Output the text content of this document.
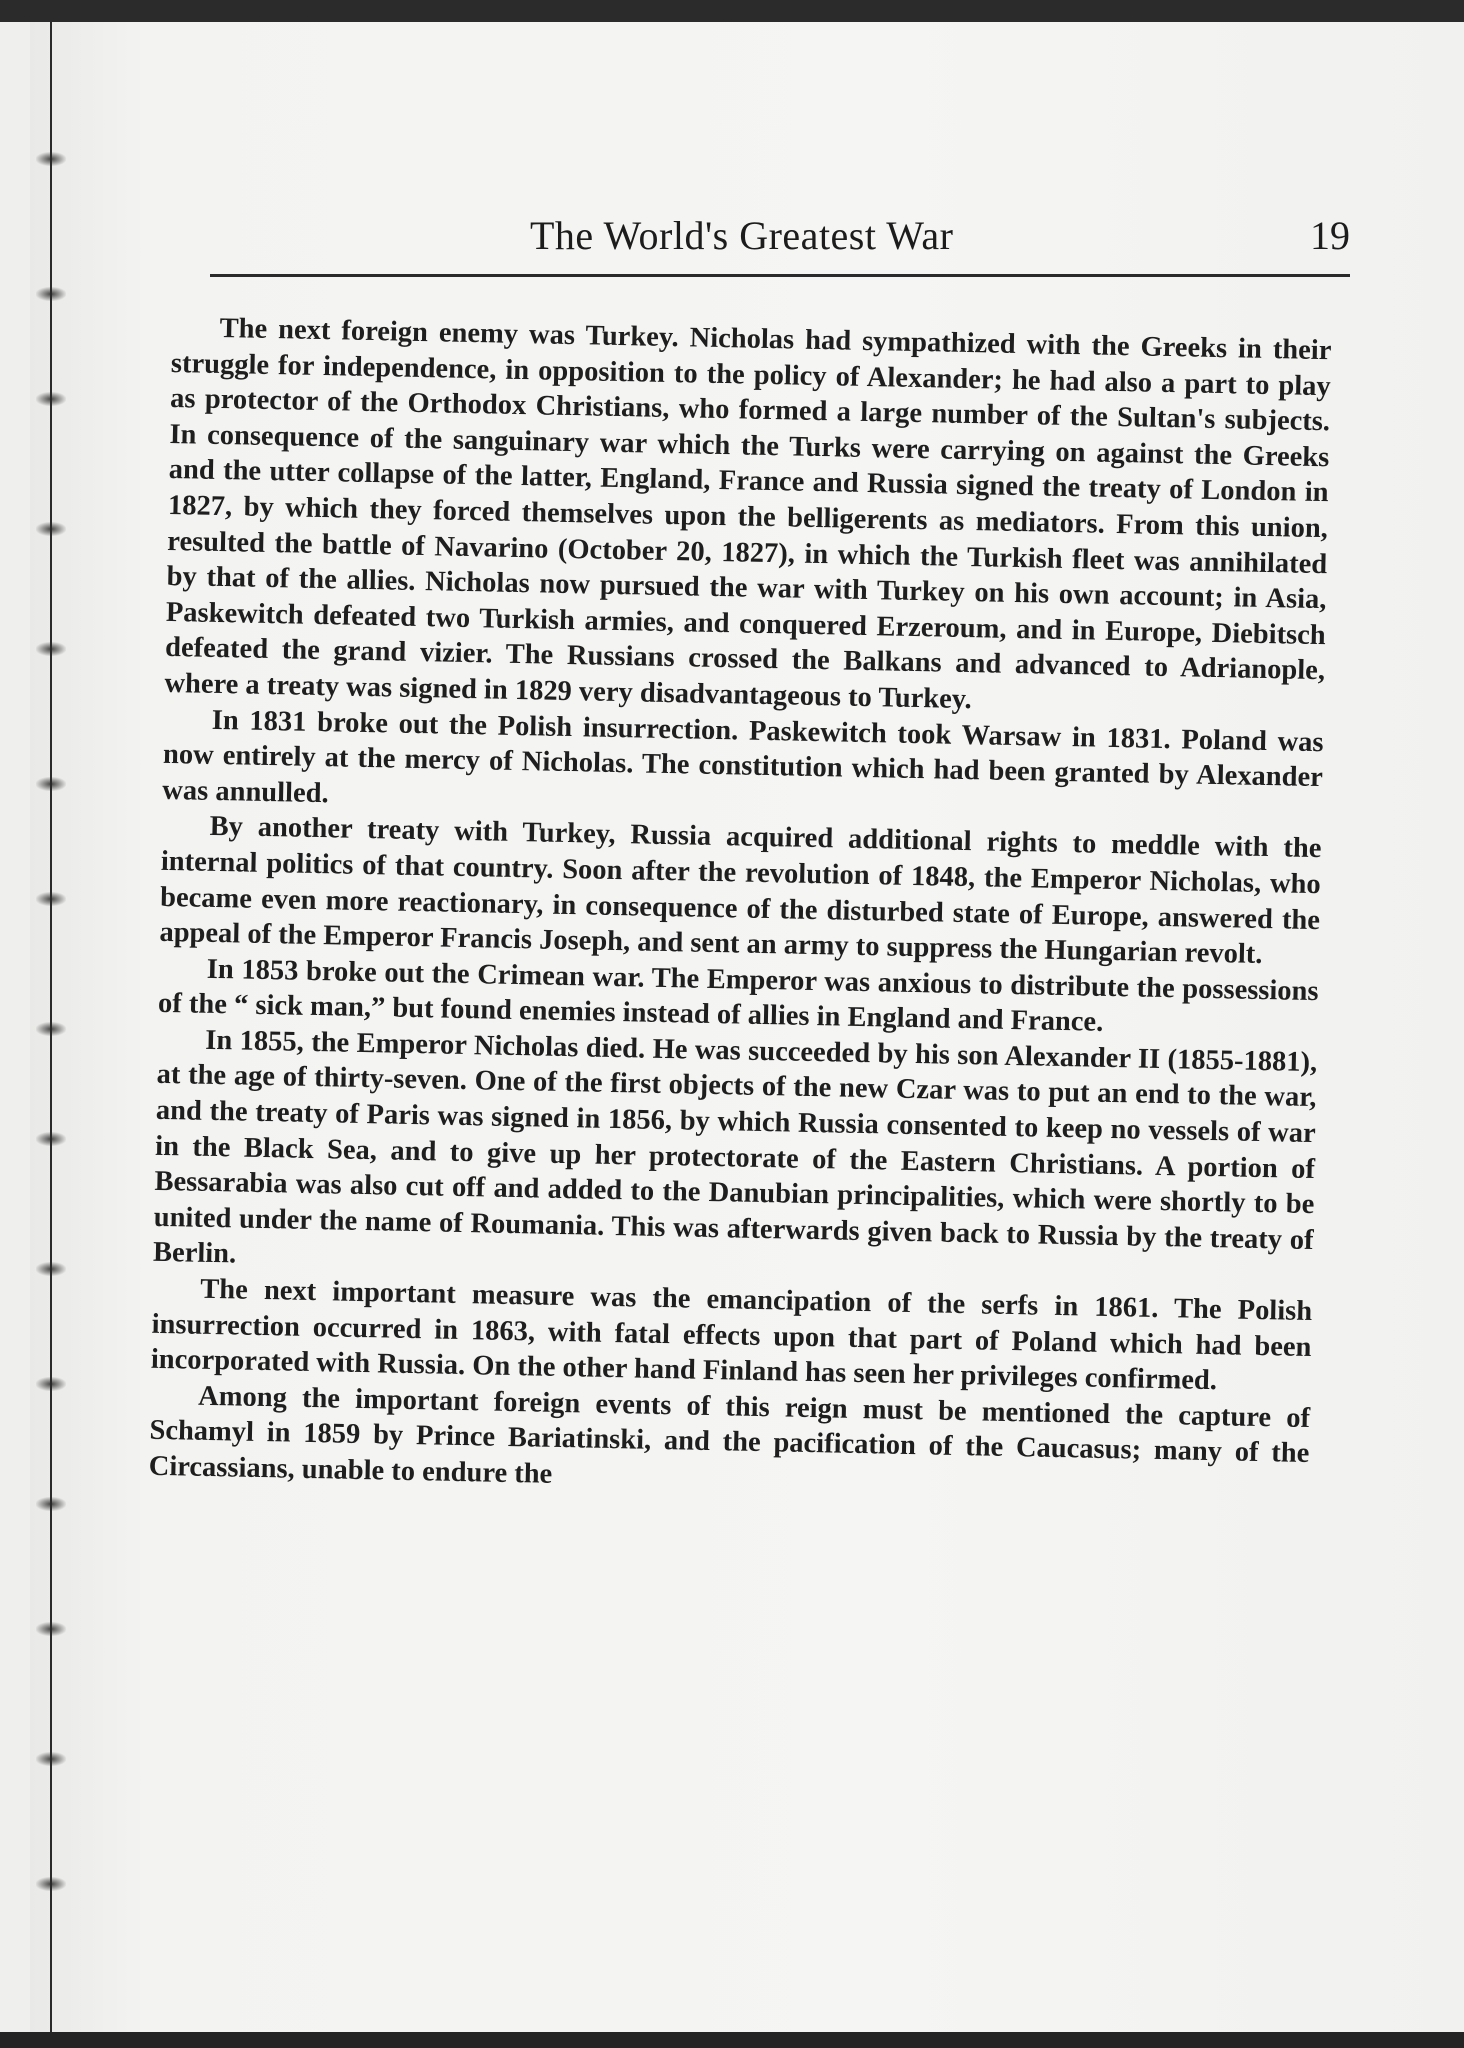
The World's Greatest War	19

The next foreign enemy was Turkey. Nicholas had sympathized with the Greeks in their struggle for independence, in opposition to the policy of Alexander; he had also a part to play as protector of the Orthodox Christians, who formed a large number of the Sultan's subjects. In consequence of the sanguinary war which the Turks were carrying on against the Greeks and the utter collapse of the latter, England, France and Russia signed the treaty of London in 1827, by which they forced themselves upon the belligerents as mediators. From this union, resulted the battle of Navarino (October 20, 1827), in which the Turkish fleet was annihilated by that of the allies. Nicholas now pursued the war with Turkey on his own account; in Asia, Paskewitch defeated two Turkish armies, and conquered Erzeroum, and in Europe, Diebitsch defeated the grand vizier. The Russians crossed the Balkans and advanced to Adrianople, where a treaty was signed in 1829 very disadvantageous to Turkey.

In 1831 broke out the Polish insurrection. Paskewitch took Warsaw in 1831. Poland was now entirely at the mercy of Nicholas. The constitution which had been granted by Alexander was annulled.

By another treaty with Turkey, Russia acquired additional rights to meddle with the internal politics of that country. Soon after the revolution of 1848, the Emperor Nicholas, who became even more reactionary, in consequence of the disturbed state of Europe, answered the appeal of the Emperor Francis Joseph, and sent an army to suppress the Hungarian revolt.

In 1853 broke out the Crimean war. The Emperor was anxious to distribute the possessions of the “ sick man,” but found enemies instead of allies in England and France.

In 1855, the Emperor Nicholas died. He was succeeded by his son Alexander II (1855-1881), at the age of thirty-seven. One of the first objects of the new Czar was to put an end to the war, and the treaty of Paris was signed in 1856, by which Russia consented to keep no vessels of war in the Black Sea, and to give up her protectorate of the Eastern Christians. A portion of Bessarabia was also cut off and added to the Danubian principalities, which were shortly to be united under the name of Roumania. This was afterwards given back to Russia by the treaty of Berlin.

The next important measure was the emancipation of the serfs in 1861. The Polish insurrection occurred in 1863, with fatal effects upon that part of Poland which had been incorporated with Russia. On the other hand Finland has seen her privileges confirmed.

Among the important foreign events of this reign must be mentioned the capture of Schamyl in 1859 by Prince Bariatinski, and the pacification of the Caucasus; many of the Circassians, unable to endure the
